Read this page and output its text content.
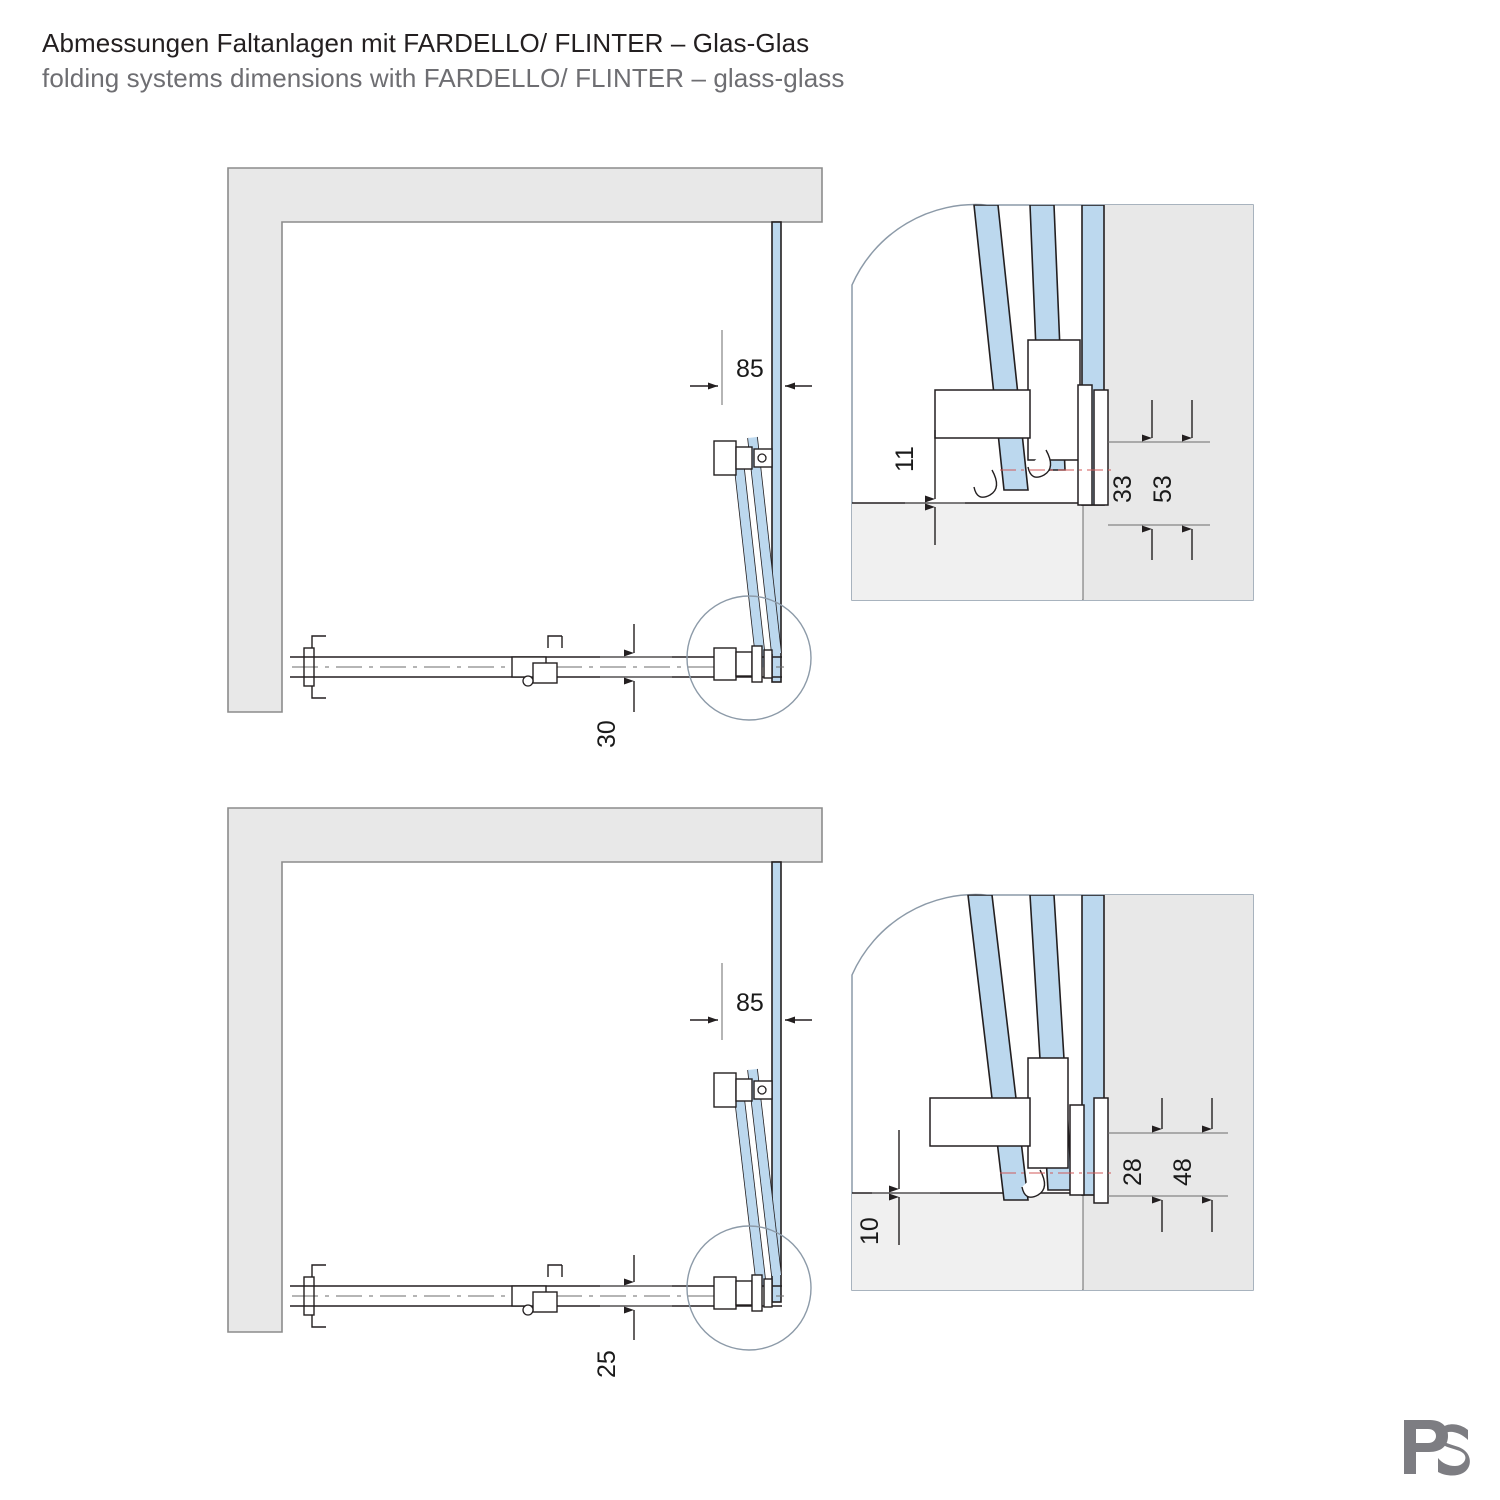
Abmessungen Faltanlagen mit FARDELLO/ FLINTER – Glas-Glas
folding systems dimensions with FARDELLO/ FLINTER – glass-glass
85
30
11
33 53
85
25
10
28 48
